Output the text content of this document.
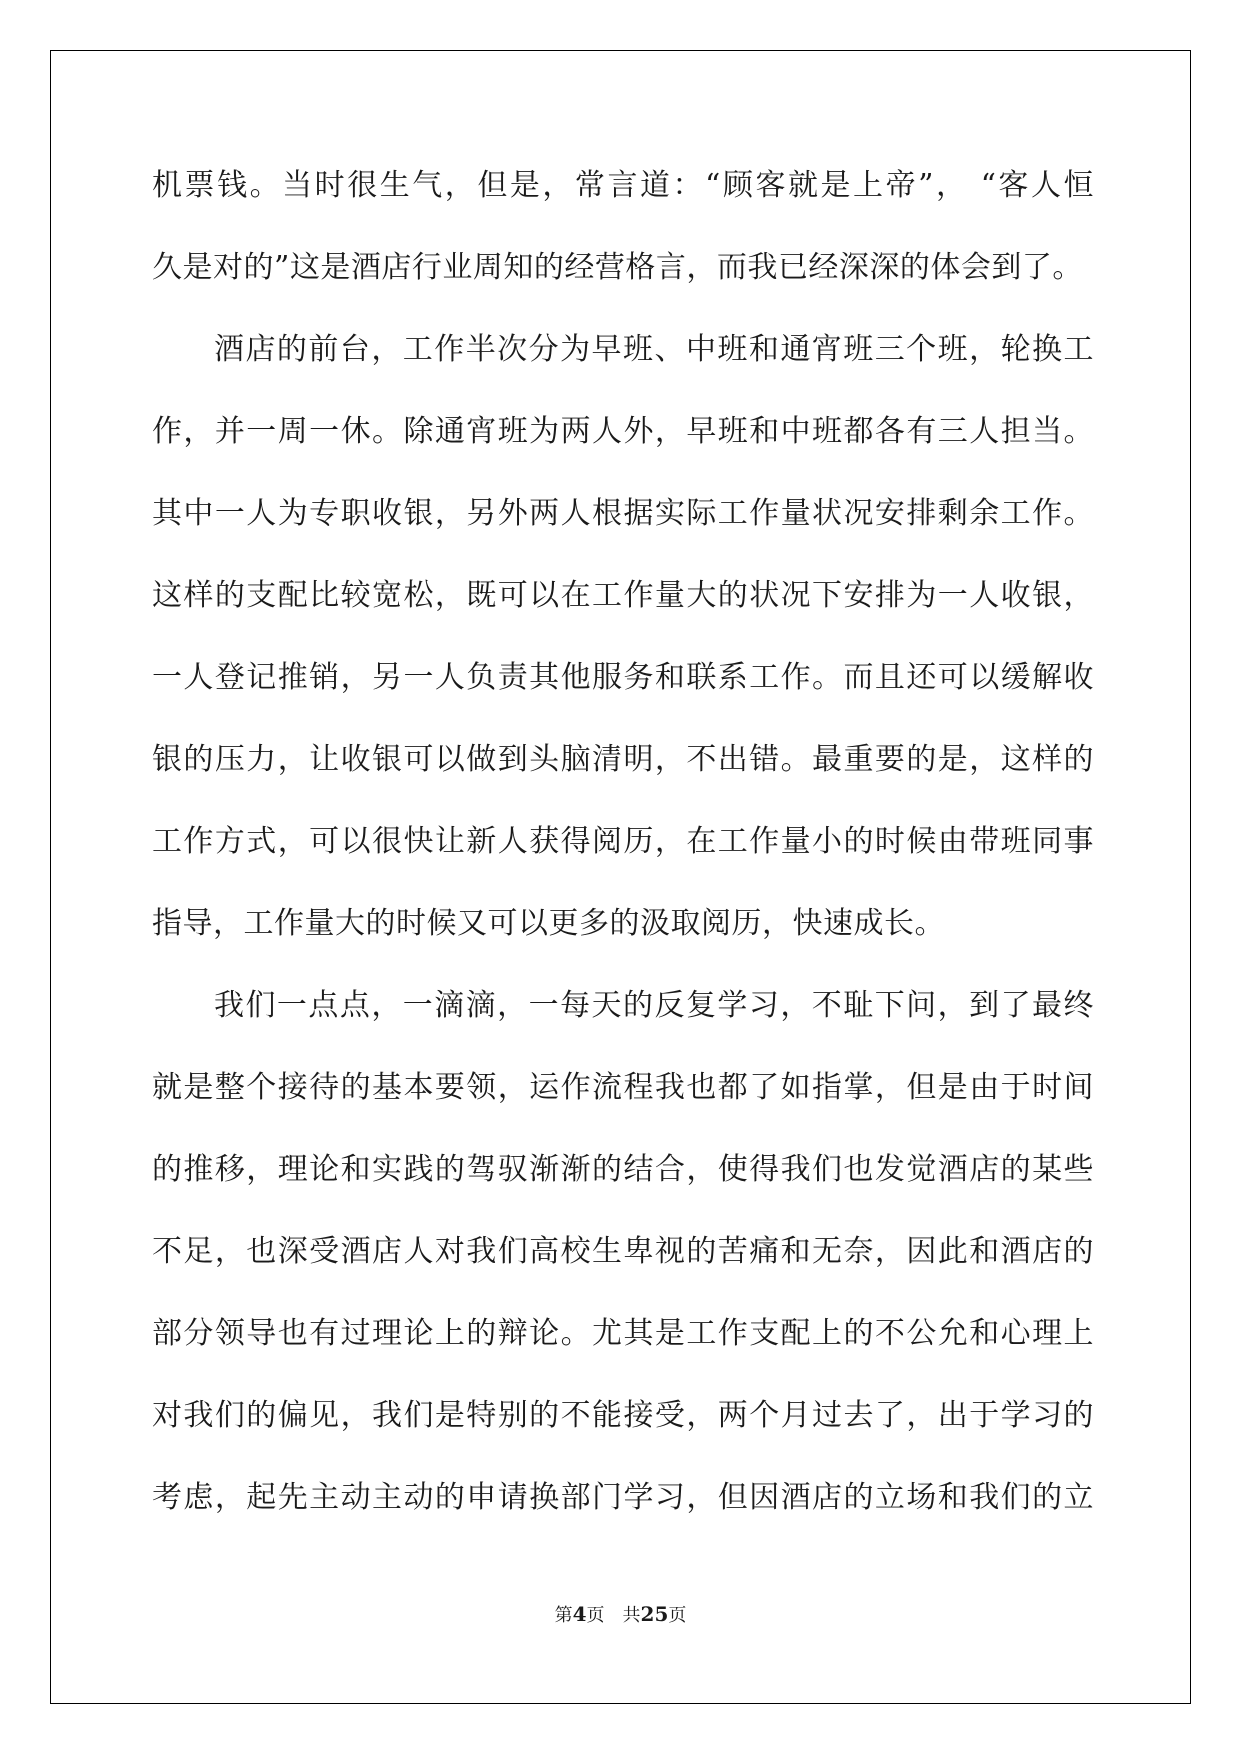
机票钱。当时很生气，但是，常言道：“顾客就是上帝”， “客人恒
久是对的”这是酒店行业周知的经营格言，而我已经深深的体会到了。
酒店的前台，工作半次分为早班、中班和通宵班三个班，轮换工
作，并一周一休。除通宵班为两人外，早班和中班都各有三人担当。
其中一人为专职收银，另外两人根据实际工作量状况安排剩余工作。
这样的支配比较宽松，既可以在工作量大的状况下安排为一人收银，
一人登记推销，另一人负责其他服务和联系工作。而且还可以缓解收
银的压力，让收银可以做到头脑清明，不出错。最重要的是，这样的
工作方式，可以很快让新人获得阅历，在工作量小的时候由带班同事
指导，工作量大的时候又可以更多的汲取阅历，快速成长。
我们一点点，一滴滴，一每天的反复学习，不耻下问，到了最终
就是整个接待的基本要领，运作流程我也都了如指掌，但是由于时间
的推移，理论和实践的驾驭渐渐的结合，使得我们也发觉酒店的某些
不足，也深受酒店人对我们高校生卑视的苦痛和无奈，因此和酒店的
部分领导也有过理论上的辩论。尤其是工作支配上的不公允和心理上
对我们的偏见，我们是特别的不能接受，两个月过去了，出于学习的
考虑，起先主动主动的申请换部门学习，但因酒店的立场和我们的立
第4页 共25页
